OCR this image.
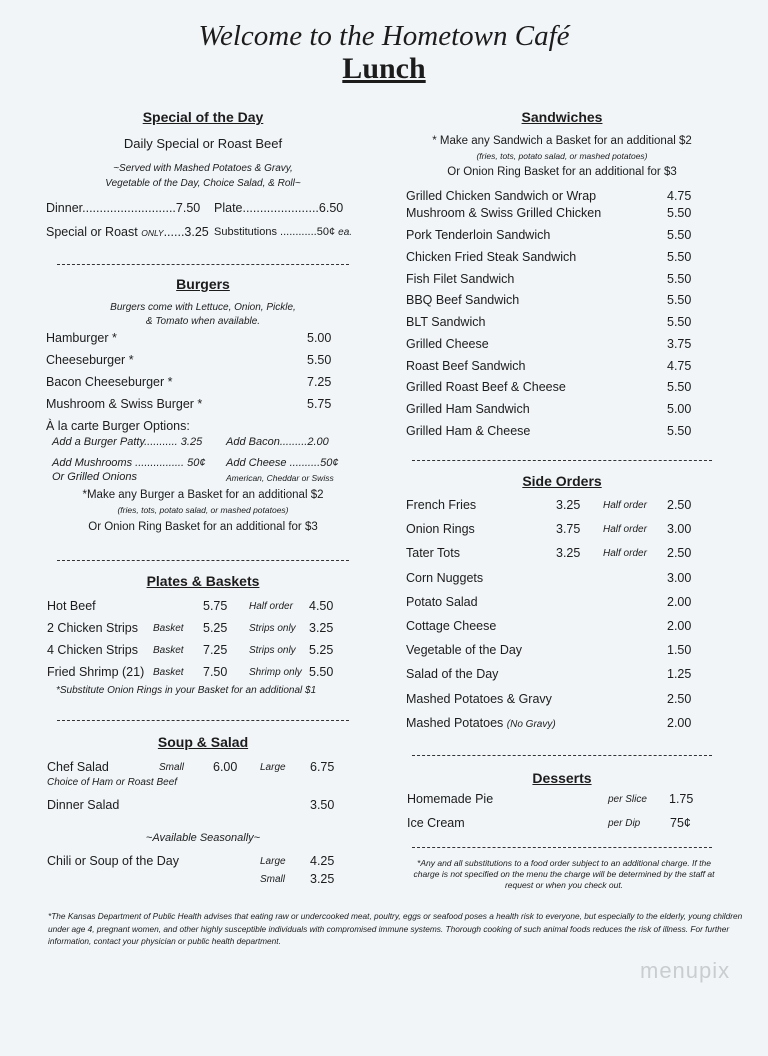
Welcome to the Hometown Café
Lunch
Special of the Day
Daily Special or Roast Beef
~Served with Mashed Potatoes & Gravy,
Vegetable of the Day, Choice Salad, & Roll~
Dinner...........................7.50 Plate......................6.50
Special or Roast ONLY......3.25 Substitutions ............50¢ ea.
Burgers
Burgers come with Lettuce, Onion, Pickle,
& Tomato when available.
Hamburger *	5.00
Cheeseburger *	5.50
Bacon Cheeseburger *	7.25
Mushroom & Swiss Burger *	5.75
À la carte Burger Options:
Add a Burger Patty........... 3.25 Add Bacon.........2.00
Add Mushrooms ................ 50¢ Add Cheese ..........50¢
Or Grilled Onions	American, Cheddar or Swiss
*Make any Burger a Basket for an additional $2
(fries, tots, potato salad, or mashed potatoes)
Or Onion Ring Basket for an additional for $3
Plates & Baskets
Hot Beef	5.75 Half order 4.50
2 Chicken Strips Basket 5.25 Strips only 3.25
4 Chicken Strips Basket 7.25 Strips only 5.25
Fried Shrimp (21) Basket 7.50 Shrimp only 5.50
*Substitute Onion Rings in your Basket for an additional $1
Soup & Salad
Chef Salad	Small 6.00 Large 6.75
Choice of Ham or Roast Beef
Dinner Salad	3.50
~Available Seasonally~
Chili or Soup of the Day	Large 4.25
Small 3.25
Sandwiches
* Make any Sandwich a Basket for an additional $2
(fries, tots, potato salad, or mashed potatoes)
Or Onion Ring Basket for an additional for $3
Grilled Chicken Sandwich or Wrap	4.75
Mushroom & Swiss Grilled Chicken	5.50
Pork Tenderloin Sandwich	5.50
Chicken Fried Steak Sandwich	5.50
Fish Filet Sandwich	5.50
BBQ Beef Sandwich	5.50
BLT Sandwich	5.50
Grilled Cheese	3.75
Roast Beef Sandwich	4.75
Grilled Roast Beef & Cheese	5.50
Grilled Ham Sandwich	5.00
Grilled Ham & Cheese	5.50
Side Orders
French Fries	3.25 Half order 2.50
Onion Rings	3.75 Half order 3.00
Tater Tots	3.25 Half order 2.50
Corn Nuggets	3.00
Potato Salad	2.00
Cottage Cheese	2.00
Vegetable of the Day	1.50
Salad of the Day	1.25
Mashed Potatoes & Gravy	2.50
Mashed Potatoes (No Gravy)	2.00
Desserts
Homemade Pie	per Slice 1.75
Ice Cream	per Dip 75¢
*Any and all substitutions to a food order subject to an additional charge. If the charge is not specified on the menu the charge will be determined by the staff at request or when you check out.
*The Kansas Department of Public Health advises that eating raw or undercooked meat, poultry, eggs or seafood poses a health risk to everyone, but especially to the elderly, young children under age 4, pregnant women, and other highly susceptible individuals with compromised immune systems. Thorough cooking of such animal foods reduces the risk of illness. For further information, contact your physician or public health department.
menupix
